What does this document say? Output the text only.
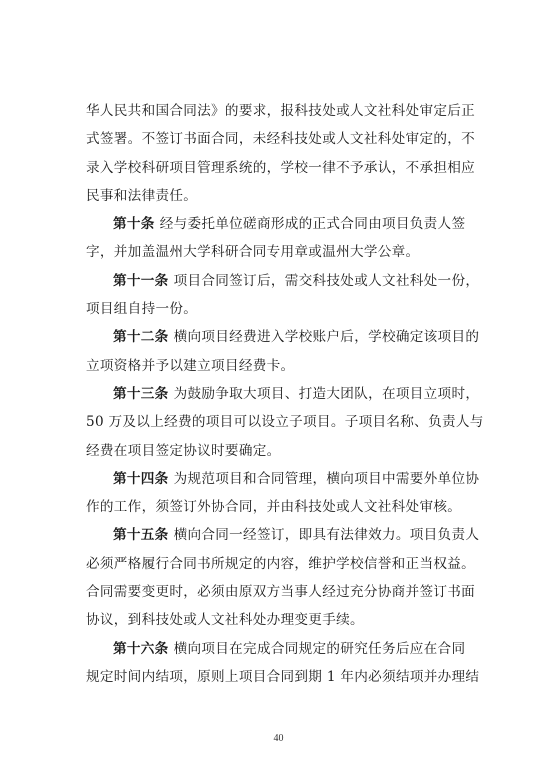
华人民共和国合同法》的要求，报科技处或人文社科处审定后正
式签署。不签订书面合同，未经科技处或人文社科处审定的，不
录入学校科研项目管理系统的，学校一律不予承认，不承担相应
民事和法律责任。
第十条 经与委托单位磋商形成的正式合同由项目负责人签
字，并加盖温州大学科研合同专用章或温州大学公章。
第十一条 项目合同签订后，需交科技处或人文社科处一份，
项目组自持一份。
第十二条 横向项目经费进入学校账户后，学校确定该项目的
立项资格并予以建立项目经费卡。
第十三条 为鼓励争取大项目、打造大团队，在项目立项时，
50 万及以上经费的项目可以设立子项目。子项目名称、负责人与
经费在项目签定协议时要确定。
第十四条 为规范项目和合同管理，横向项目中需要外单位协
作的工作，须签订外协合同，并由科技处或人文社科处审核。
第十五条 横向合同一经签订，即具有法律效力。项目负责人
必须严格履行合同书所规定的内容，维护学校信誉和正当权益。
合同需要变更时，必须由原双方当事人经过充分协商并签订书面
协议，到科技处或人文社科处办理变更手续。
第十六条 横向项目在完成合同规定的研究任务后应在合同
规定时间内结项，原则上项目合同到期 1 年内必须结项并办理结
40
